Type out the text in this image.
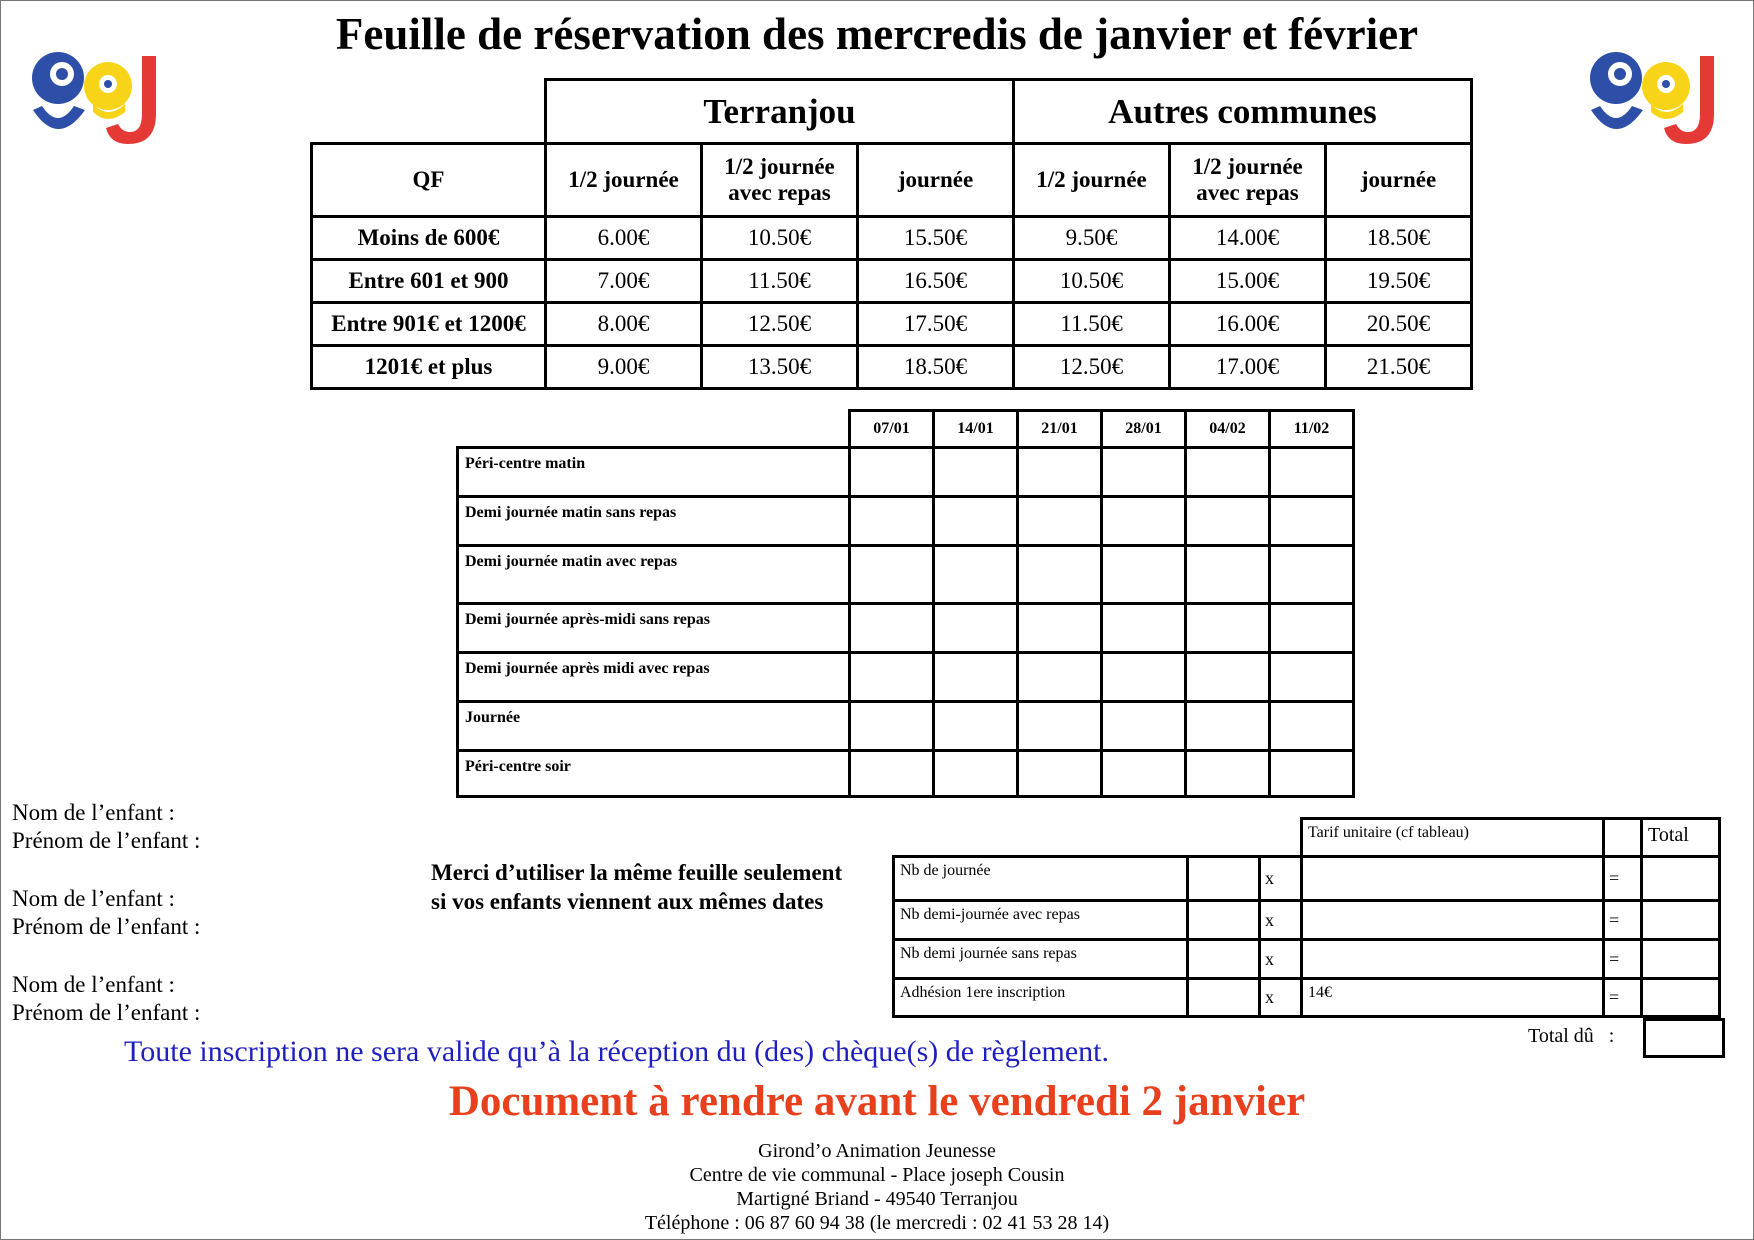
Feuille de réservation des mercredis de janvier et février
	Terranjou			Autres communes		
QF	1/2 journée	1/2 journée avec repas	journée	1/2 journée	1/2 journée avec repas	journée
Moins de 600€	6.00€	10.50€	15.50€	9.50€	14.00€	18.50€
Entre 601 et 900	7.00€	11.50€	16.50€	10.50€	15.00€	19.50€
Entre 901€ et 1200€	8.00€	12.50€	17.50€	11.50€	16.00€	20.50€
1201€ et plus	9.00€	13.50€	18.50€	12.50€	17.00€	21.50€
	07/01	14/01	21/01	28/01	04/02	11/02
Péri-centre matin						
Demi journée matin sans repas						
Demi journée matin avec repas						
Demi journée après-midi sans repas						
Demi journée après midi avec repas						
Journée						
Péri-centre soir						
Nom de l’enfant :
Prénom de l’enfant :
Nom de l’enfant :
Prénom de l’enfant :
Nom de l’enfant :
Prénom de l’enfant :
Merci d’utiliser la même feuille seulement si vos enfants viennent aux mêmes dates
			Tarif unitaire (cf tableau)		Total
Nb de journée		x		=	
Nb demi-journée avec repas		x		=	
Nb demi journée sans repas		x		=	
Adhésion 1ere inscription		x	14€	=	
Total dû   :
Toute inscription ne sera valide qu’à la réception du (des) chèque(s) de règlement.
Document à rendre avant le vendredi 2 janvier
Girond’o Animation Jeunesse
Centre de vie communal - Place joseph Cousin
Martigné Briand - 49540 Terranjou
Téléphone : 06 87 60 94 38 (le mercredi : 02 41 53 28 14)
